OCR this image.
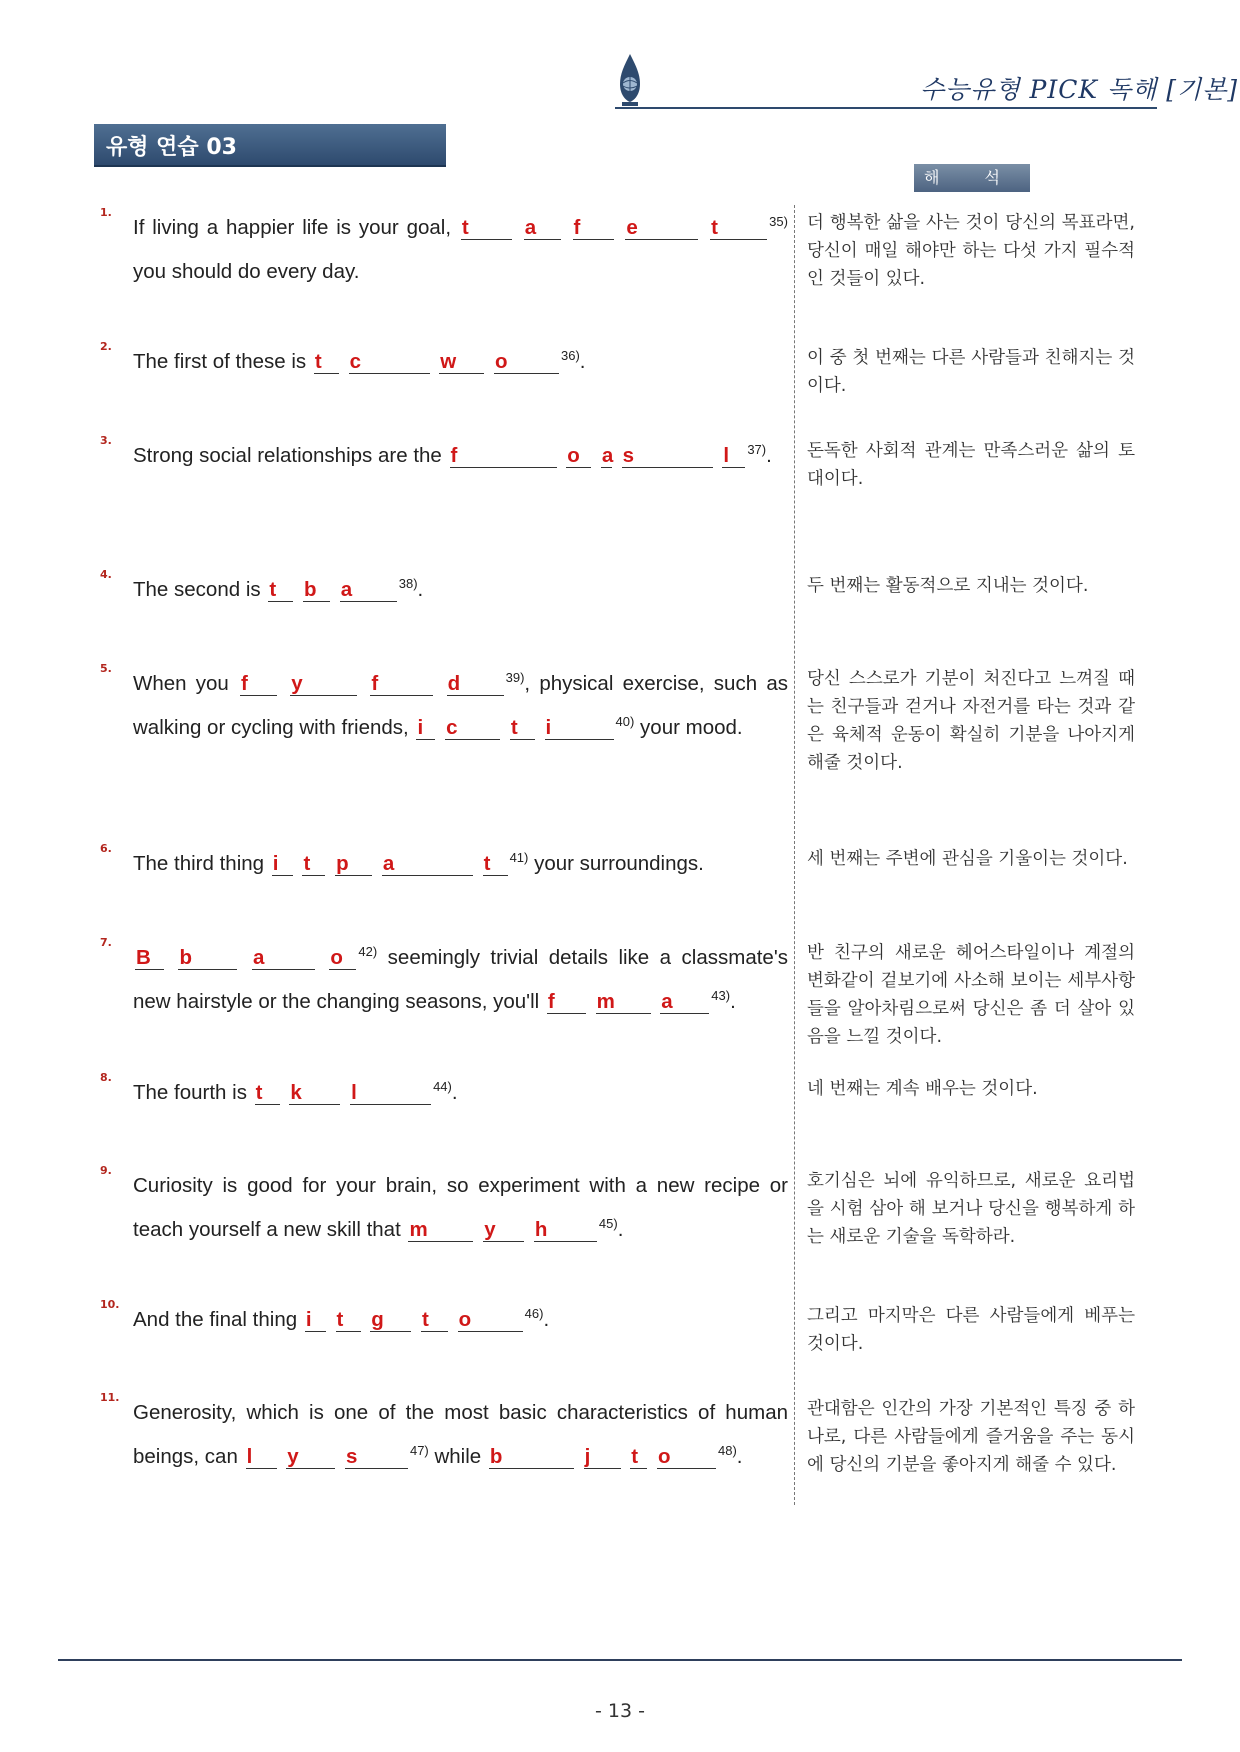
수능유형 PICK 독해 [기본]
유형 연습 03
해 석
1.
If living a happier life is your goal, t	a f e	t	$^{35)}$ you should do every day.
더 행복한 삶을 사는 것이 당신의 목표라면, 당신이 매일 해야만 하는 다섯 가지 필수적인 것들이 있다.
2.
The first of these is t c	w o	$^{36)}$.	이 중 첫 번째는 다른 사람들과 친해지는 것이다.
3.
Strong social relationships are the f	o a s	l $^{37)}$.	돈독한 사회적 관계는 만족스러운 삶의 토대이다.
4.
The second is t b a	$^{38)}$.	두 번째는 활동적으로 지내는 것이다.
5.
When you f y	f	d	$^{39)}$, physical exercise, such as walking or cycling with friends, i c	t i	$^{40)}$ your mood.
당신 스스로가 기분이 처진다고 느껴질 때는 친구들과 걷거나 자전거를 타는 것과 같은 육체적 운동이 확실히 기분을 나아지게 해줄 것이다.
6.
The third thing i t p a	t $^{41)}$ your surroundings.	세 번째는 주변에 관심을 기울이는 것이다.
7.
B b	a	o $^{42)}$ seemingly trivial details like a classmate's new hairstyle or the changing seasons, you'll f m a	$^{43)}$.
반 친구의 새로운 헤어스타일이나 계절의 변화같이 겉보기에 사소해 보이는 세부사항들을 알아차림으로써 당신은 좀 더 살아 있음을 느낄 것이다.
8.
The fourth is t k l	$^{44)}$.	네 번째는 계속 배우는 것이다.
9.
Curiosity is good for your brain, so experiment with a new recipe or teach yourself a new skill that m	y h	$^{45)}$.
호기심은 뇌에 유익하므로, 새로운 요리법을 시험 삼아 해 보거나 당신을 행복하게 하는 새로운 기술을 독학하라.
10.
And the final thing i t g t o	$^{46)}$.	그리고 마지막은 다른 사람들에게 베푸는 것이다.
11.
Generosity, which is one of the most basic characteristics of human beings, can l y s	$^{47)}$ while b	j t o	$^{48)}$.
관대함은 인간의 가장 기본적인 특징 중 하나로, 다른 사람들에게 즐거움을 주는 동시에 당신의 기분을 좋아지게 해줄 수 있다.
- 13 -
